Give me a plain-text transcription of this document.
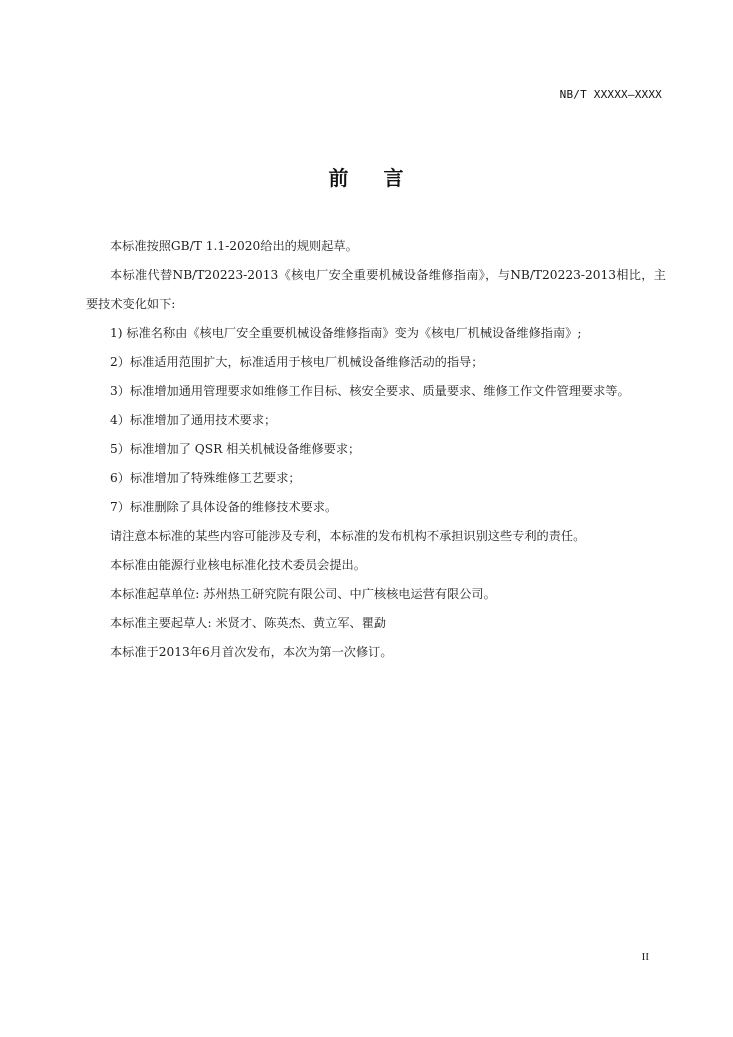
NB/T XXXXX—XXXX
前 言

本标准按照GB/T 1.1-2020给出的规则起草。

本标准代替NB/T20223-2013《核电厂安全重要机械设备维修指南》，与NB/T20223-2013相比，主要技术变化如下:

1) 标准名称由《核电厂安全重要机械设备维修指南》变为《核电厂机械设备维修指南》;

2）标准适用范围扩大，标准适用于核电厂机械设备维修活动的指导；

3）标准增加通用管理要求如维修工作目标、核安全要求、质量要求、维修工作文件管理要求等。

4）标准增加了通用技术要求；

5）标准增加了 QSR 相关机械设备维修要求；

6）标准增加了特殊维修工艺要求；

7）标准删除了具体设备的维修技术要求。

请注意本标准的某些内容可能涉及专利，本标准的发布机构不承担识别这些专利的责任。

本标准由能源行业核电标准化技术委员会提出。

本标准起草单位: 苏州热工研究院有限公司、中广核核电运营有限公司。

本标准主要起草人: 米贤才、陈英杰、黄立军、瞿勐

本标准于2013年6月首次发布，本次为第一次修订。

II
